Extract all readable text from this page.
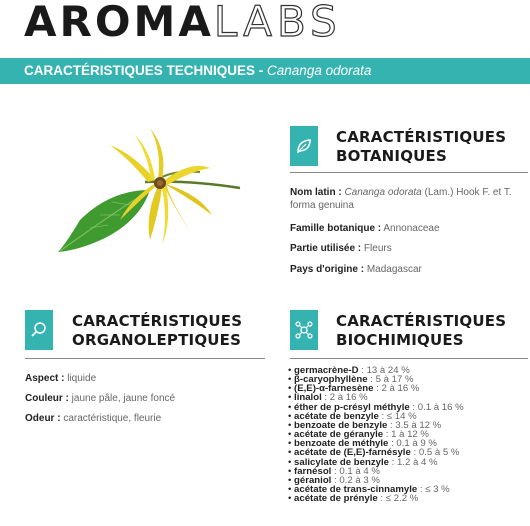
AROMALABS
CARACTÉRISTIQUES TECHNIQUES - Cananga odorata
CARACTÉRISTIQUES
BOTANIQUES
Nom latin : Cananga odorata (Lam.) Hook F. et T.
forma genuina
Famille botanique : Annonaceae
Partie utilisée : Fleurs
Pays d'origine : Madagascar
CARACTÉRISTIQUES
ORGANOLEPTIQUES
Aspect : liquide
Couleur : jaune pâle, jaune foncé
Odeur : caractéristique, fleurie
CARACTÉRISTIQUES
BIOCHIMIQUES
• germacrène-D : 13 à 24 %
• β-caryophyllène : 5 à 17 %
• (E,E)-α-farnesène : 2 à 16 %
• linalol : 2 à 16 %
• éther de p-crésyl méthyle : 0.1 à 16 %
• acétate de benzyle : ≤ 14 %
• benzoate de benzyle : 3.5 à 12 %
• acétate de géranyle : 1 à 12 %
• benzoate de méthyle : 0.1 à 9 %
• acétate de (E,E)-farnésyle : 0.5 à 5 %
• salicylate de benzyle : 1.2 à 4 %
• farnésol : 0.1 à 4 %
• géraniol : 0.2 à 3 %
• acétate de trans-cinnamyle : ≤ 3 %
• acétate de prényle : ≤ 2.2 %
